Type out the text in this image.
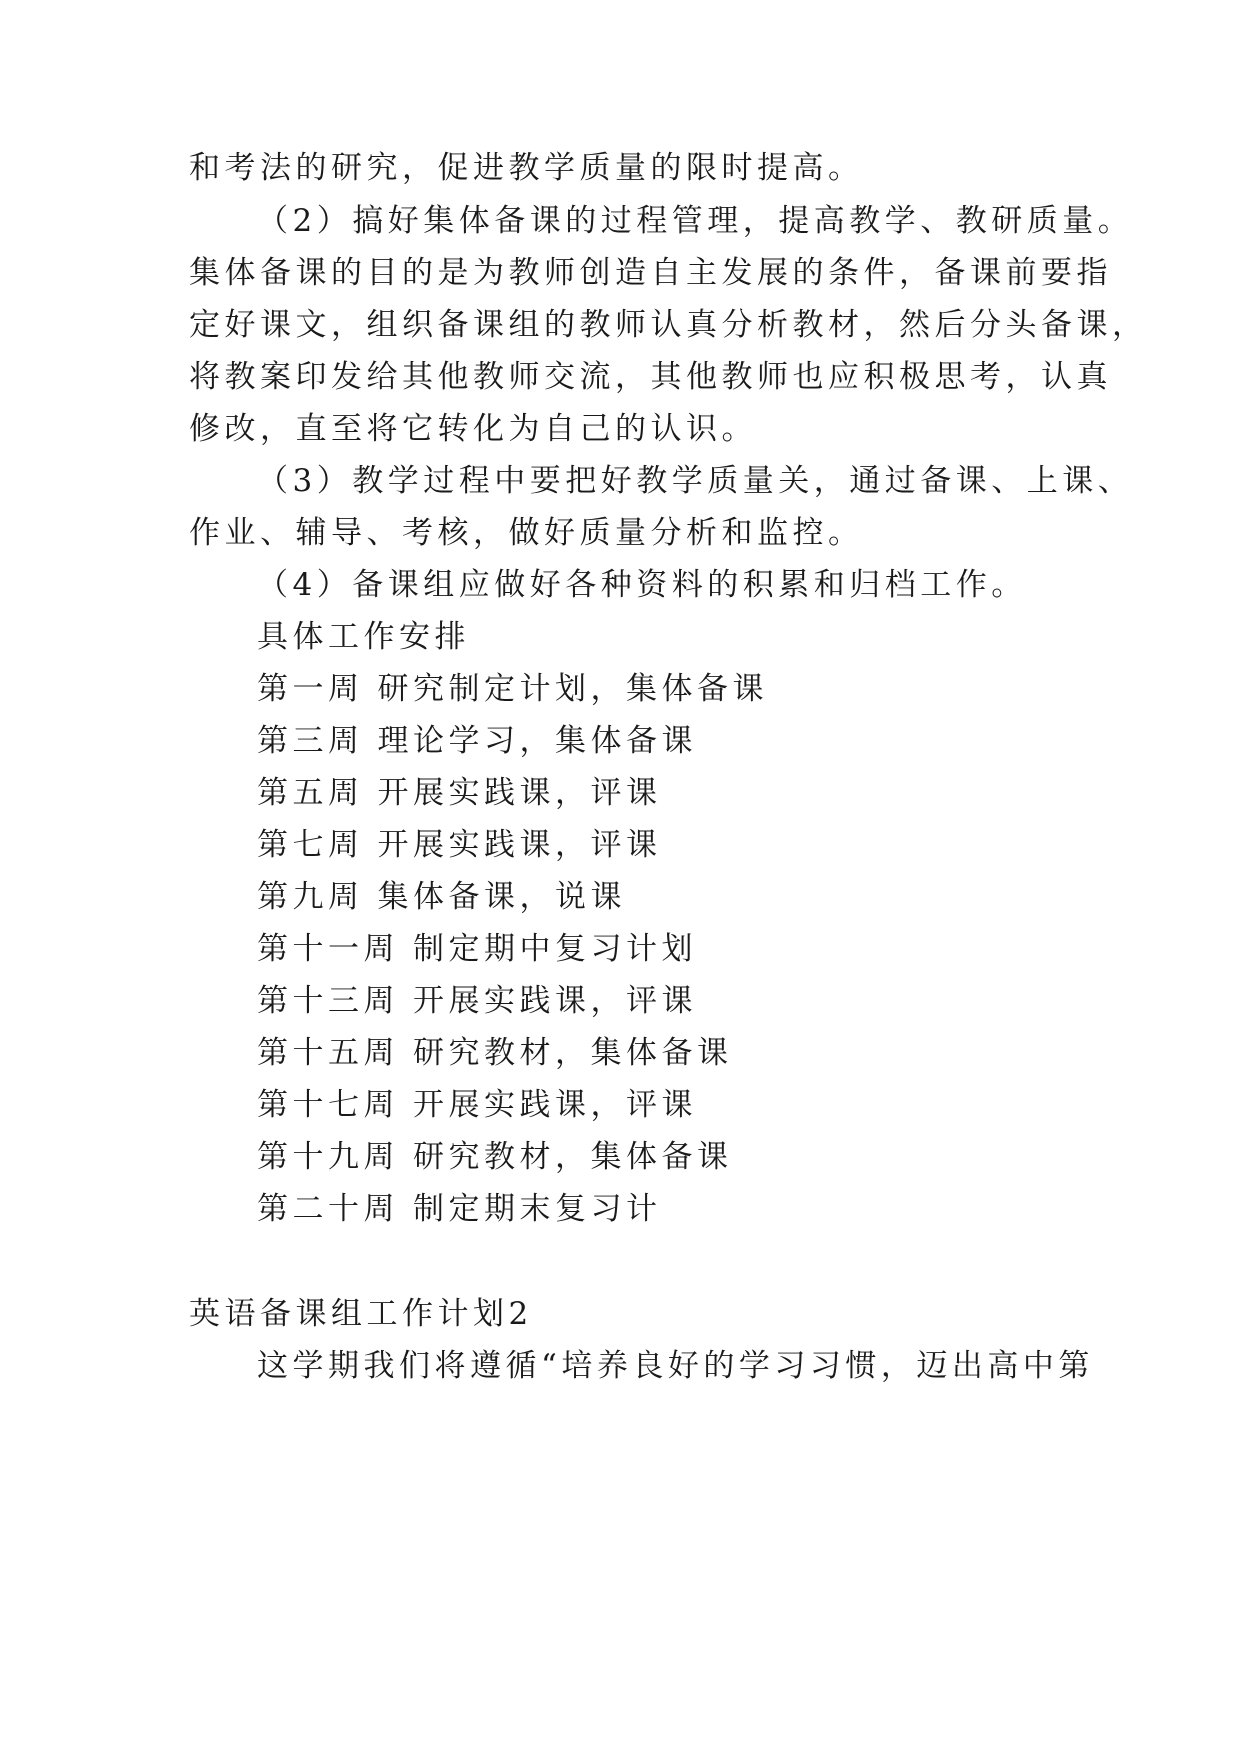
和考法的研究，促进教学质量的限时提高。
（2）搞好集体备课的过程管理，提高教学、教研质量。
集体备课的目的是为教师创造自主发展的条件，备课前要指
定好课文，组织备课组的教师认真分析教材，然后分头备课，
将教案印发给其他教师交流，其他教师也应积极思考，认真
修改，直至将它转化为自己的认识。
（3）教学过程中要把好教学质量关，通过备课、上课、
作业、辅导、考核，做好质量分析和监控。
（4）备课组应做好各种资料的积累和归档工作。
具体工作安排
第一周 研究制定计划，集体备课
第三周 理论学习，集体备课
第五周 开展实践课，评课
第七周 开展实践课，评课
第九周 集体备课，说课
第十一周 制定期中复习计划
第十三周 开展实践课，评课
第十五周 研究教材，集体备课
第十七周 开展实践课，评课
第十九周 研究教材，集体备课
第二十周 制定期末复习计
英语备课组工作计划2
这学期我们将遵循“培养良好的学习习惯，迈出高中第
